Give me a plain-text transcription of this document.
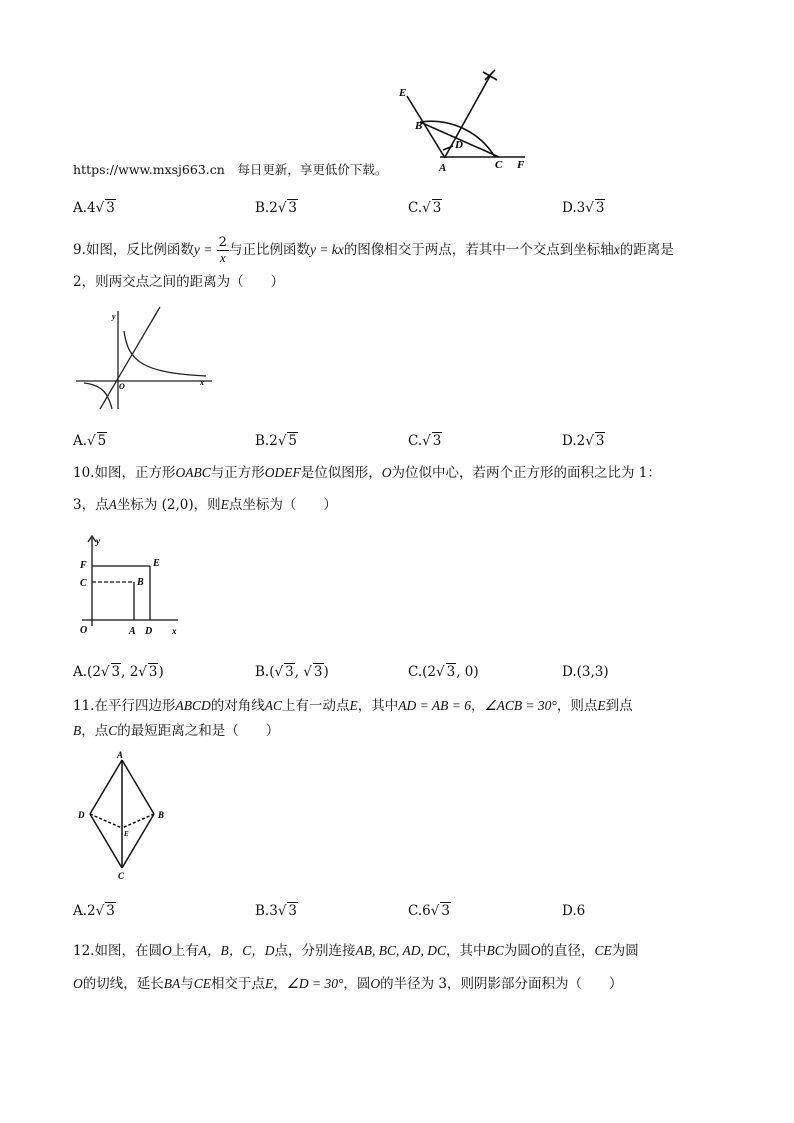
E
B
D
A	C F
https://www.mxsj663.cn　每日更新，享更低价下载。
A.4√ 3	B.2√ 3	C.√ 3	D.3√ 3
9.如图，反比例函数$y = \frac{2}{x}$ 与正比例函数y = kx的图像相交于两点，若其中一个交点到坐标轴x的距离是
2，则两交点之间的距离为（　　）
y
O	x
A.√ 5	B.2√ 5	C.√ 3	D.2√ 3
10.如图，正方形OABC与正方形ODEF是位似图形，O为位似中心，若两个正方形的面积之比为 1：
3，点A坐标为 (2,0)，则E点坐标为（　　）
y
F	E
C	B
O	A D x
A.(2√ 3, 2√ 3)	B.(√ 3, √ 3)	C.(2√ 3, 0)	D.(3,3)
11.在平行四边形ABCD的对角线AC上有一动点E，其中AD = AB = 6，∠ACB = 30°，则点E到点
B，点C的最短距离之和是（　　）
A
D	B
E
C
A.2√ 3	B.3√ 3	C.6√ 3	D.6
12.如图，在圆O上有A，B，C，D点，分别连接AB, BC, AD, DC，其中BC为圆O的直径，CE为圆
O的切线，延长BA与CE相交于点E，∠D = 30°，圆O的半径为 3，则阴影部分面积为（　　）
